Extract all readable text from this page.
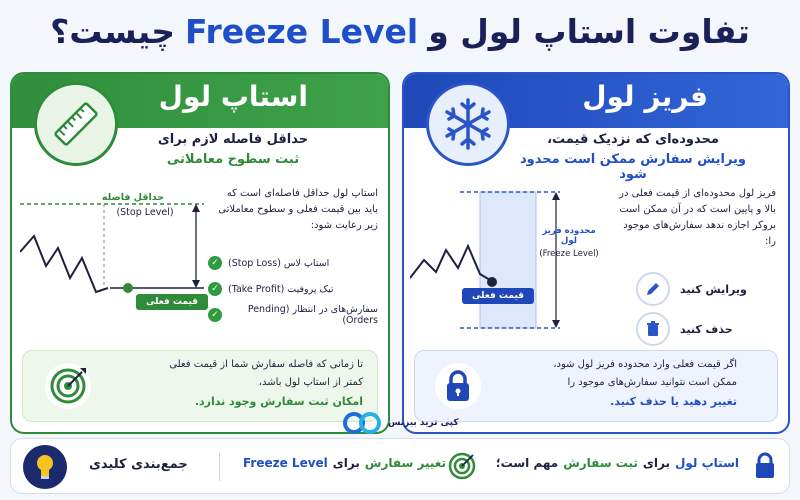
چیست؟ Freeze Level تفاوت استاپ لول و
استاپ لول
حداقل فاصله لازم برای
ثبت سطوح معاملاتی
حداقل فاصله
(Stop Level)
قیمت فعلی
استاپ لول حداقل فاصله‌ای است که باید بین قیمت فعلی و سطوح معاملاتی زیر رعایت شود:
✓ استاپ لاس (Stop Loss)
✓ تیک پروفیت (Take Profit)
✓	سفارش‌های در انتظار (Pending Orders)
تا زمانی که فاصله سفارش شما از قیمت فعلی
کمتر از استاپ لول باشد،
امکان ثبت سفارش وجود ندارد.
فریز لول
محدوده‌ای که نزدیک قیمت،
ویرایش سفارش ممکن است محدود شود
محدوده فریز لول
(Freeze Level)
قیمت فعلی
فریز لول محدوده‌ای از قیمت فعلی در بالا و پایین است که در آن ممکن است بروکر اجازه ندهد سفارش‌های موجود را:
ویرایش کنید
حذف کنید
اگر قیمت فعلی وارد محدوده فریز لول شود،
ممکن است نتوانید سفارش‌های موجود را
تغییر دهید یا حذف کنید.
کپی ترید بیزنس
جمع‌بندی کلیدی	Freeze Level برای تغییر سفارش	استاپ لول
برای
ثبت سفارش
مهم است؛
